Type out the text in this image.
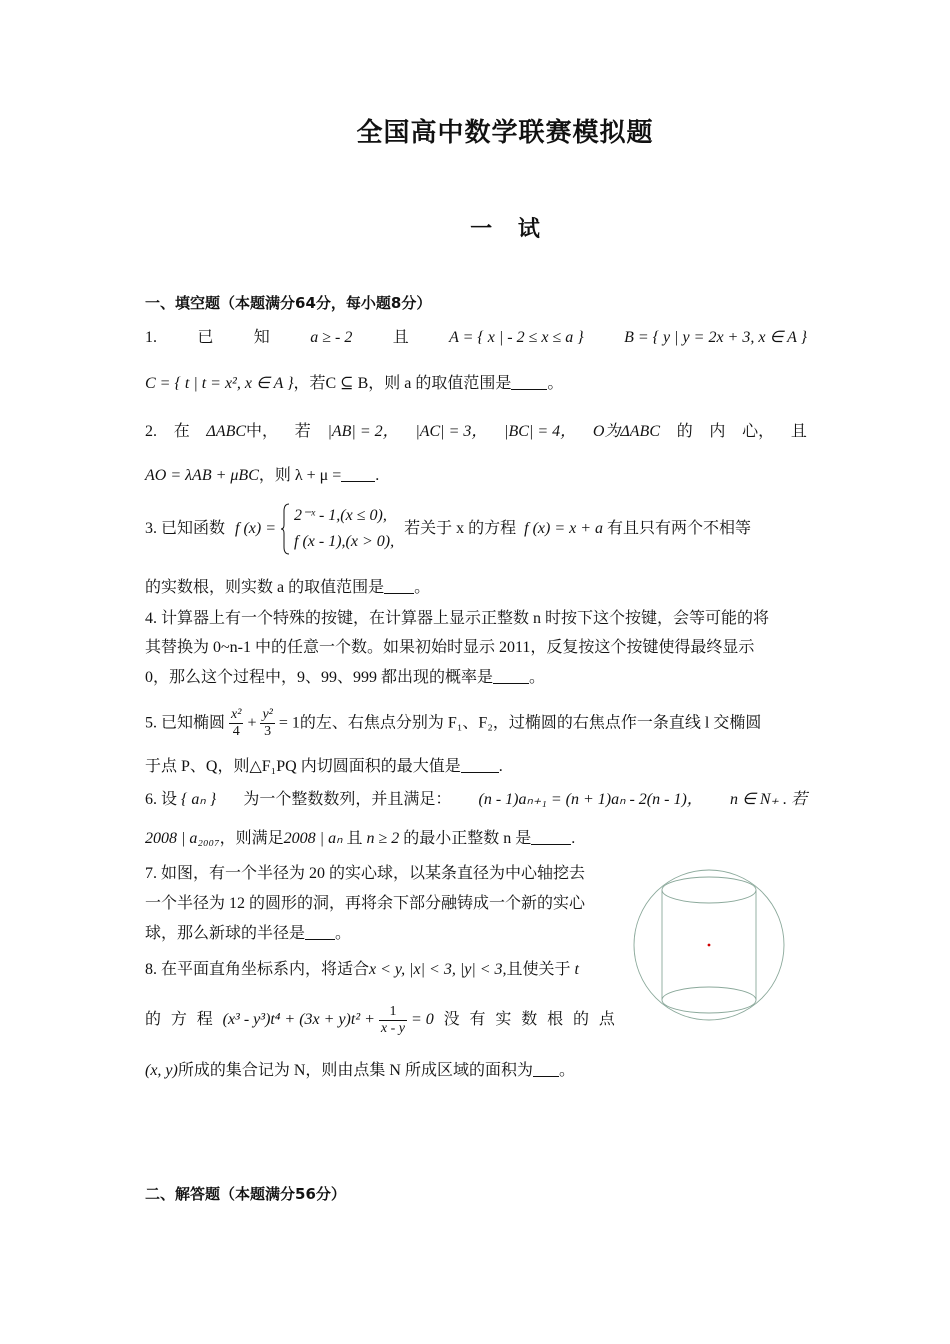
全国高中数学联赛模拟题
一 试
一、填空题（本题满分64分，每小题8分）
1.	已	知	a ≥ - 2	且	A = { x | - 2 ≤ x ≤ a }	B = { y | y = 2x + 3, x ∈ A }
C = { t | t = x², x ∈ A }，若C ⊆ B，则 a 的取值范围是 。
2. 在 ΔABC中， 若 |AB| = 2， |AC| = 3， |BC| = 4， O为ΔABC 的 内 心， 且
AO = λAB + μBC，则 λ + μ = .
3. 已知函数 f (x) =
2⁻ˣ - 1,(x ≤ 0),
f (x - 1),(x > 0),
若关于 x 的方程 f (x) = x + a 有且只有两个不相等
的实数根，则实数 a 的取值范围是 。
4. 计算器上有一个特殊的按键，在计算器上显示正整数 n 时按下这个按键，会等可能的将
其替换为 0~n-1 中的任意一个数。如果初始时显示 2011，反复按这个按键使得最终显示
0，那么这个过程中，9、99、999 都出现的概率是 。
5. 已知椭圆 $\frac{\text{x²}}{4} + \frac{\text{y²}}{3} = 1$的左、右焦点分别为 F₁、F₂，过椭圆的右焦点作一条直线 l 交椭圆
于点 P、Q，则△F₁PQ 内切圆面积的最大值是 .
6. 设 { aₙ } 为一个整数数列，并且满足： (n - 1)aₙ₊₁ = (n + 1)aₙ - 2(n - 1)， n ∈ N₊ . 若
2008 | a₂₀₀₇，则满足2008 | aₙ 且 n ≥ 2 的最小正整数 n 是	.
7. 如图，有一个半径为 20 的实心球，以某条直径为中心轴挖去
一个半径为 12 的圆形的洞，再将余下部分融铸成一个新的实心
球，那么新球的半径是 。
8. 在平面直角坐标系内，将适合x < y, |x| < 3, |y| < 3,且使关于 t
的 方 程 $(x^3 - y^3)t^4 + (3x + y)t^2 + \frac{1}{x - y} = 0$ 没 有 实 数 根 的 点
(x, y)所成的集合记为 N，则由点集 N 所成区域的面积为 。
二、解答题（本题满分56分）
